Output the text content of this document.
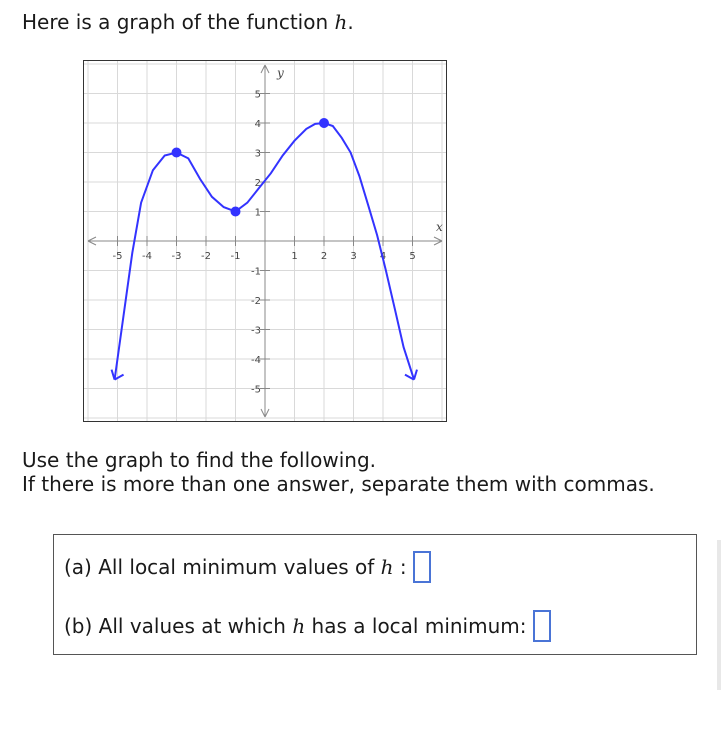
Here is a graph of the function h.
-5 -4 -3 -2 -1	1 2 3 4 5
-5
-4
-3
-2
-1
1
2
3
4
5
x
y
Use the graph to find the following.
If there is more than one answer, separate them with commas.
(a) All local minimum values of h :
(b) All values at which h has a local minimum:
